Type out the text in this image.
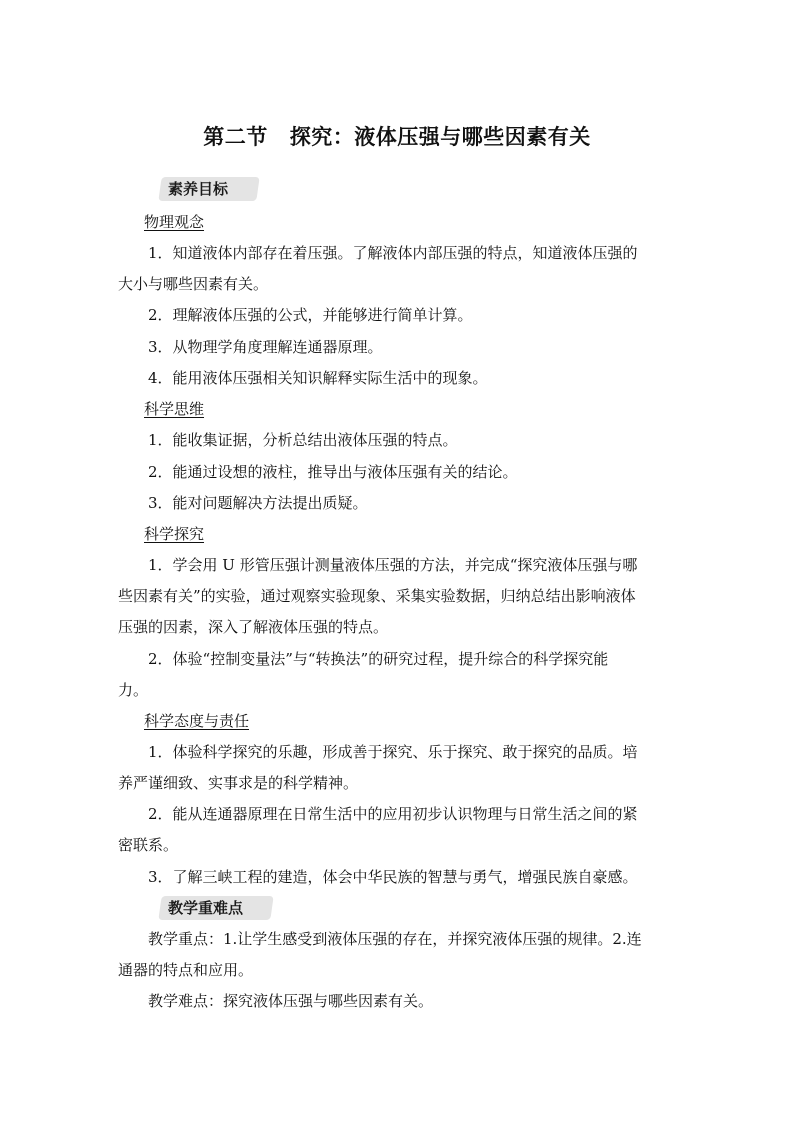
第二节 探究：液体压强与哪些因素有关
素养目标
物理观念
1．知道液体内部存在着压强。了解液体内部压强的特点，知道液体压强的
大小与哪些因素有关。
2．理解液体压强的公式，并能够进行简单计算。
3．从物理学角度理解连通器原理。
4．能用液体压强相关知识解释实际生活中的现象。
科学思维
1．能收集证据，分析总结出液体压强的特点。
2．能通过设想的液柱，推导出与液体压强有关的结论。
3．能对问题解决方法提出质疑。
科学探究
1．学会用 U 形管压强计测量液体压强的方法，并完成“探究液体压强与哪
些因素有关”的实验，通过观察实验现象、采集实验数据，归纳总结出影响液体
压强的因素，深入了解液体压强的特点。
2．体验“控制变量法”与“转换法”的研究过程，提升综合的科学探究能
力。
科学态度与责任
1．体验科学探究的乐趣，形成善于探究、乐于探究、敢于探究的品质。培
养严谨细致、实事求是的科学精神。
2．能从连通器原理在日常生活中的应用初步认识物理与日常生活之间的紧
密联系。
3．了解三峡工程的建造，体会中华民族的智慧与勇气，增强民族自豪感。
教学重难点
教学重点：1.让学生感受到液体压强的存在，并探究液体压强的规律。2.连
通器的特点和应用。
教学难点：探究液体压强与哪些因素有关。
